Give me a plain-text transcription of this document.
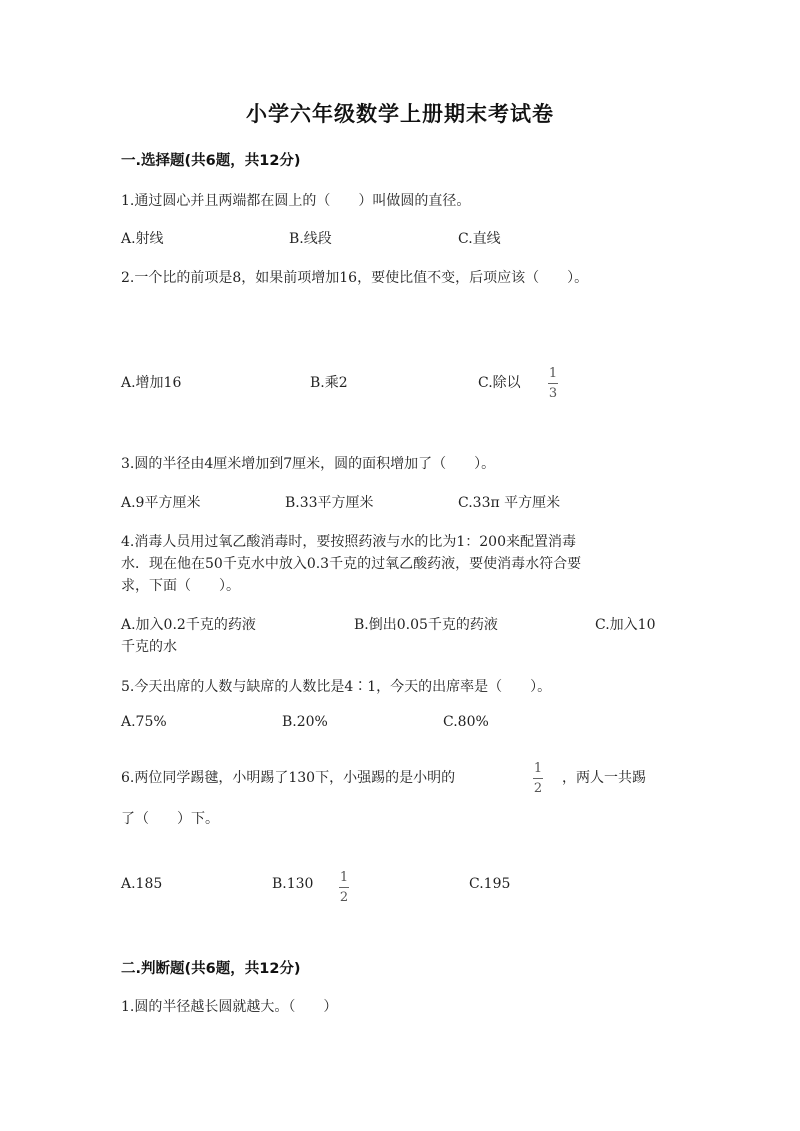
小学六年级数学上册期末考试卷
一.选择题(共6题，共12分)
1.通过圆心并且两端都在圆上的（　　）叫做圆的直径。
A.射线	B.线段	C.直线
2.一个比的前项是8，如果前项增加16，要使比值不变，后项应该（　　）。
A.增加16	B.乘2	C.除以
1
3
3.圆的半径由4厘米增加到7厘米，圆的面积增加了（　　）。
A.9平方厘米	B.33平方厘米	C.33π 平方厘米
4.消毒人员用过氧乙酸消毒时，要按照药液与水的比为1：200来配置消毒
水．现在他在50千克水中放入0.3千克的过氧乙酸药液，要使消毒水符合要
求，下面（　　）。
A.加入0.2千克的药液	B.倒出0.05千克的药液	C.加入10
千克的水
5.今天出席的人数与缺席的人数比是4∶1，今天的出席率是（　　）。
A.75%	B.20%	C.80%
6.两位同学踢毽，小明踢了130下，小强踢的是小明的
1
2
，两人一共踢
了（　　）下。
A.185	B.130 1
2
C.195
二.判断题(共6题，共12分)
1.圆的半径越长圆就越大。（　　）
